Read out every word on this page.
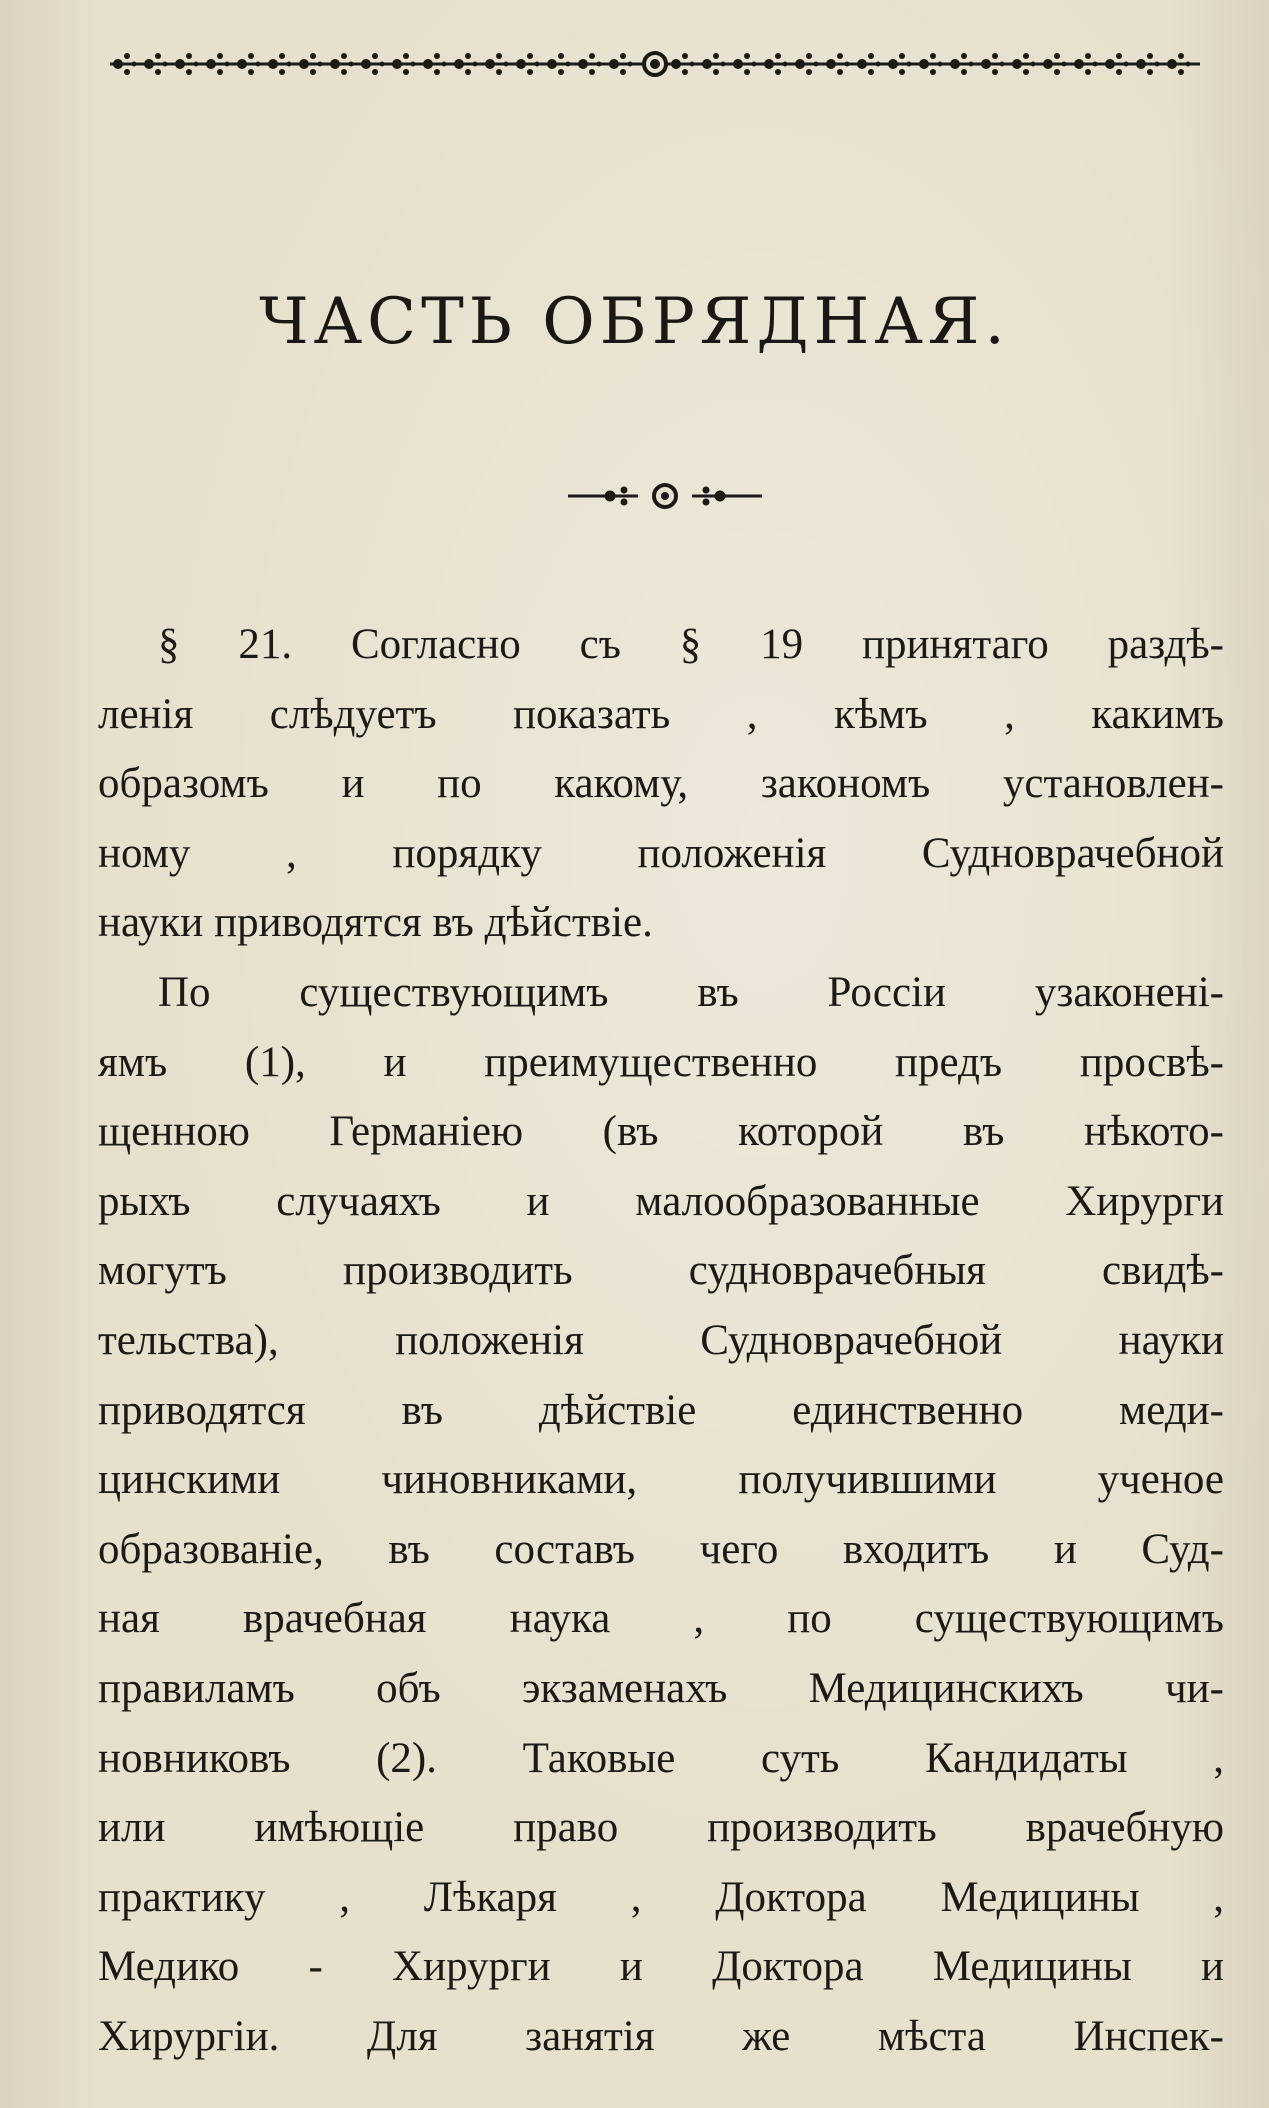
ЧАСТЬ ОБРЯДНАЯ.
§ 21. Согласно съ § 19 принятаго раздѣ-
ленія слѣдуетъ показать , кѣмъ , какимъ
образомъ и по какому, закономъ установлен-
ному , порядку положенія Судноврачебной
науки приводятся въ дѣйствіе.
По существующимъ въ Россіи узаконені-
ямъ (1), и преимущественно предъ просвѣ-
щенною Германіею (въ которой въ нѣкото-
рыхъ случаяхъ и малообразованные Хирурги
могутъ производить судноврачебныя свидѣ-
тельства), положенія Судноврачебной науки
приводятся въ дѣйствіе единственно меди-
цинскими чиновниками, получившими ученое
образованіе, въ составъ чего входитъ и Суд-
ная врачебная наука , по существующимъ
правиламъ объ экзаменахъ Медицинскихъ чи-
новниковъ (2). Таковые суть Кандидаты ,
или имѣющіе право производить врачебную
практику , Лѣкаря , Доктора Медицины ,
Медико - Хирурги и Доктора Медицины и
Хирургіи. Для занятія же мѣста Инспек-
